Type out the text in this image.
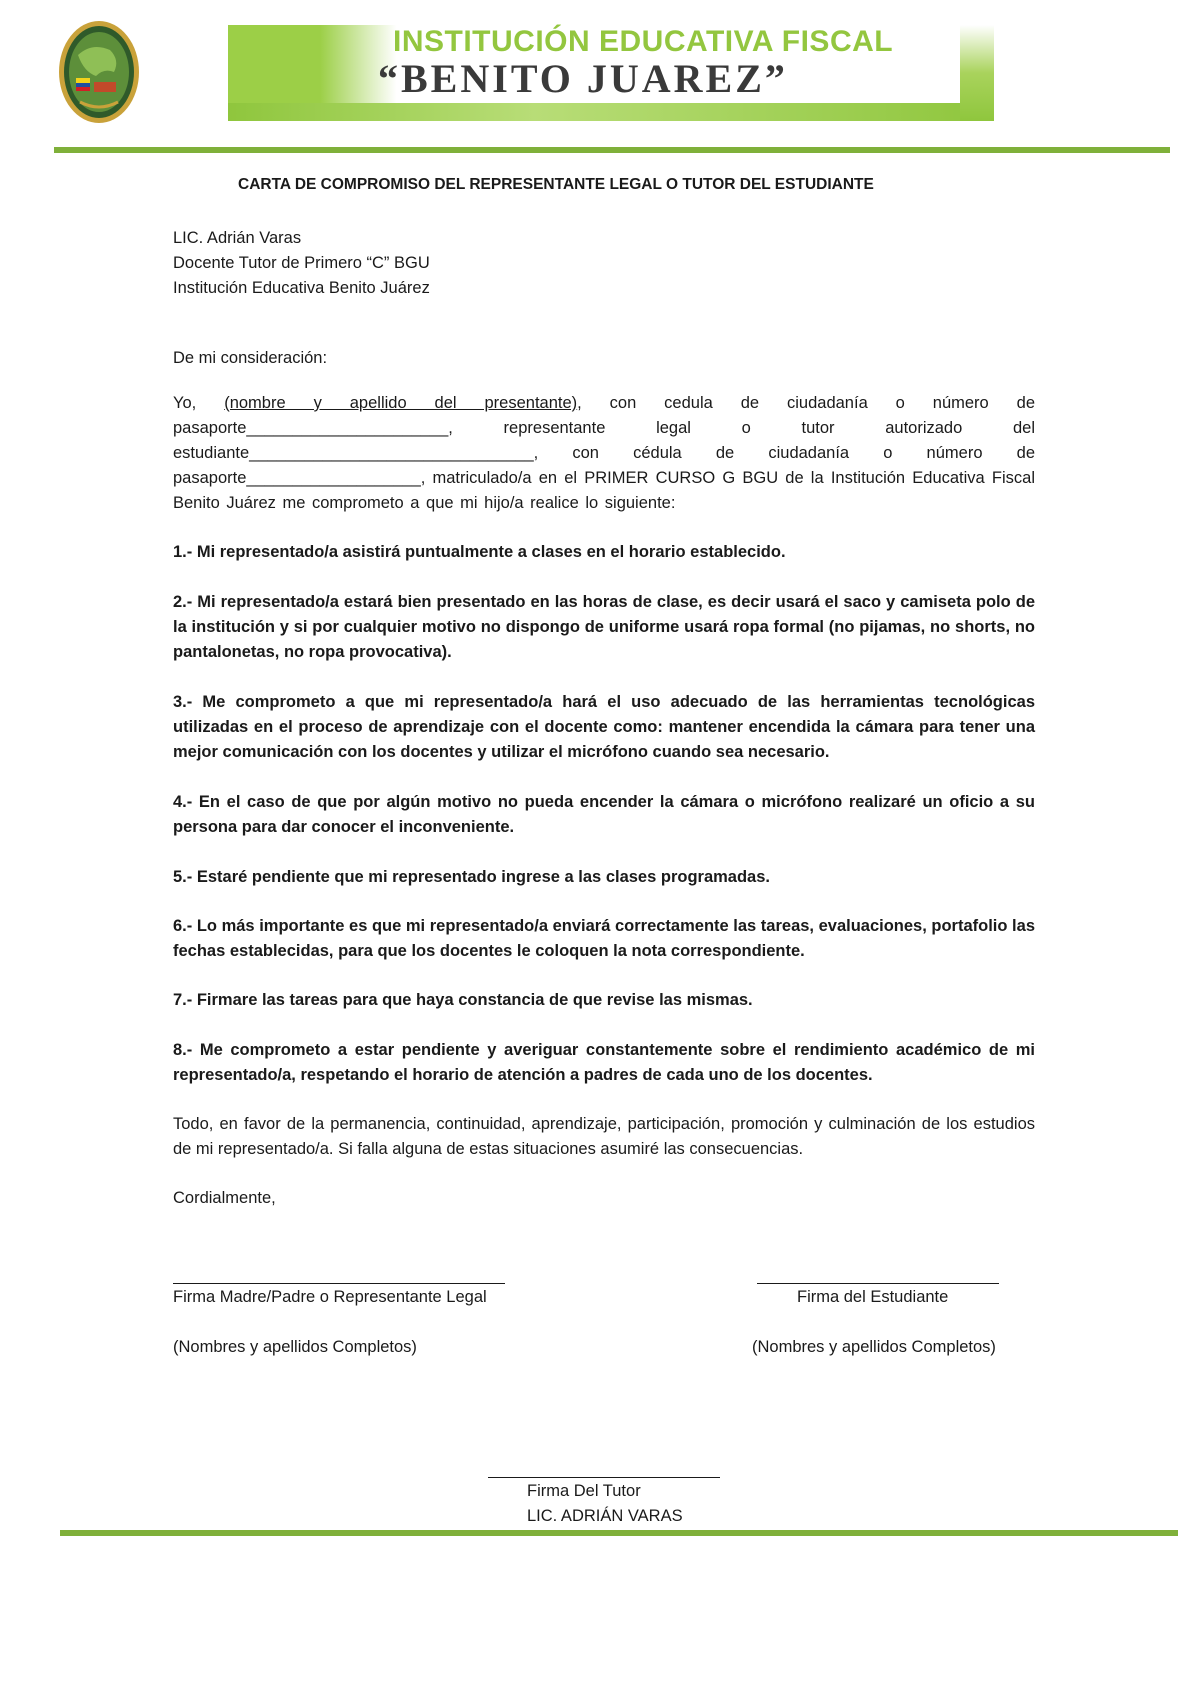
INSTITUCIÓN EDUCATIVA FISCAL
“BENITO JUAREZ”
CARTA DE COMPROMISO DEL REPRESENTANTE LEGAL O TUTOR DEL ESTUDIANTE
LIC. Adrián Varas
Docente Tutor de Primero “C” BGU
Institución Educativa Benito Juárez
De mi consideración:
Yo, (nombre y apellido del presentante), con cedula de ciudadanía o número de pasaporte______________________, representante legal o tutor autorizado del estudiante_______________________________, con cédula de ciudadanía o número de pasaporte___________________, matriculado/a en el PRIMER CURSO G BGU de la Institución Educativa Fiscal Benito Juárez me comprometo a que mi hijo/a realice lo siguiente:
1.- Mi representado/a asistirá puntualmente a clases en el horario establecido.
2.- Mi representado/a estará bien presentado en las horas de clase, es decir usará el saco y camiseta polo de la institución y si por cualquier motivo no dispongo de uniforme usará ropa formal (no pijamas, no shorts, no pantalonetas, no ropa provocativa).
3.- Me comprometo a que mi representado/a hará el uso adecuado de las herramientas tecnológicas utilizadas en el proceso de aprendizaje con el docente como: mantener encendida la cámara para tener una mejor comunicación con los docentes y utilizar el micrófono cuando sea necesario.
4.- En el caso de que por algún motivo no pueda encender la cámara o micrófono realizaré un oficio a su persona para dar conocer el inconveniente.
5.- Estaré pendiente que mi representado ingrese a las clases programadas.
6.- Lo más importante es que mi representado/a enviará correctamente las tareas, evaluaciones, portafolio las fechas establecidas, para que los docentes le coloquen la nota correspondiente.
7.- Firmare las tareas para que haya constancia de que revise las mismas.
8.- Me comprometo a estar pendiente y averiguar constantemente sobre el rendimiento académico de mi representado/a, respetando el horario de atención a padres de cada uno de los docentes.
Todo, en favor de la permanencia, continuidad, aprendizaje, participación, promoción y culminación de los estudios de mi representado/a. Si falla alguna de estas situaciones asumiré las consecuencias.
Cordialmente,
Firma Madre/Padre o Representante Legal
(Nombres y apellidos Completos)
Firma del Estudiante
(Nombres y apellidos Completos)
Firma Del Tutor
LIC. ADRIÁN VARAS
